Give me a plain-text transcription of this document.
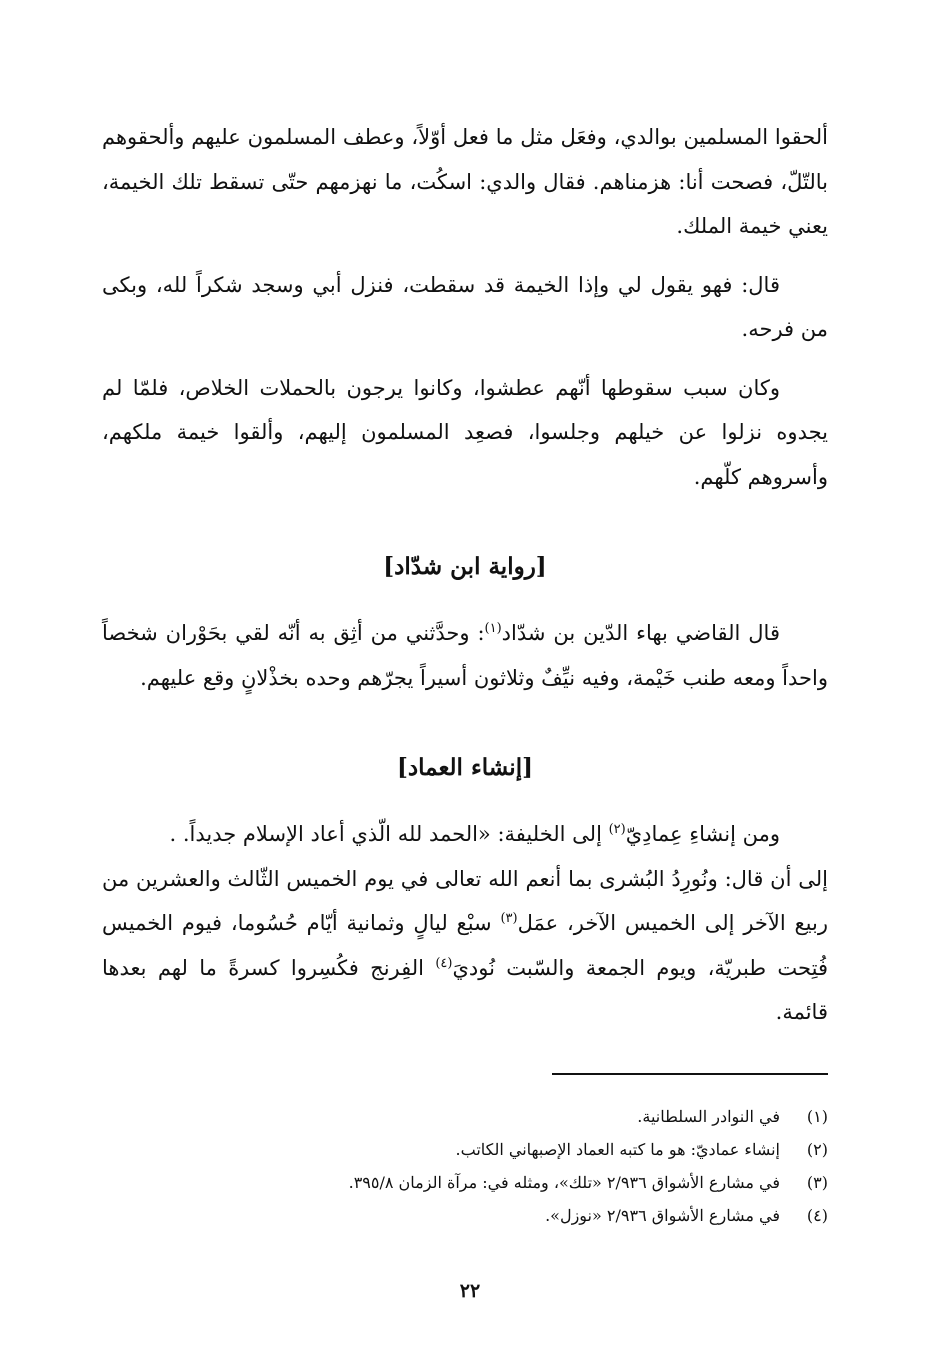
ألحقوا المسلمين بوالدي، وفعَل مثل ما فعل أوّلاً، وعطف المسلمون عليهم وألحقوهم بالتّلّ، فصحت أنا: هزمناهم. فقال والدي: اسكُت، ما نهزمهم حتّى تسقط تلك الخيمة، يعني خيمة الملك.

قال: فهو يقول لي وإذا الخيمة قد سقطت، فنزل أبي وسجد شكراً لله، وبكى من فرحه.

وكان سبب سقوطها أنّهم عطشوا، وكانوا يرجون بالحملات الخلاص، فلمّا لم يجدوه نزلوا عن خيلهم وجلسوا، فصعِد المسلمون إليهم، وألقوا خيمة ملكهم، وأسروهم كلّهم.

[رواية ابن شدّاد]

قال القاضي بهاء الدّين بن شدّاد$^{(١)}$: وحدَّثني من أثِق به أنّه لقي بحَوْران شخصاً واحداً ومعه طنب خَيْمة، وفيه نيِّفٌ وثلاثون أسيراً يجرّهم وحده بخذْلانٍ وقع عليهم.

[إنشاء العماد]

ومن إنشاءِ عِمادِيّ$^{(٢)}$ إلى الخليفة: «الحمد لله الّذي أعاد الإسلام جديداً. .

إلى أن قال: ونُورِدُ البُشرى بما أنعم الله تعالى في يوم الخميس الثّالث والعشرين من ربيع الآخر إلى الخميس الآخر، عمَل$^{(٣)}$ سبْع ليالٍ وثمانية أيّام حُسُوما، فيوم الخميس فُتِحت طبريّة، ويوم الجمعة والسّبت نُوديَ$^{(٤)}$ الفِرنج فكُسِروا كسرةً ما لهم بعدها قائمة.

(١)
في النوادر السلطانية.
(٢)
إنشاء عماديّ: هو ما كتبه العماد الإصبهاني الكاتب.
(٣)
في مشارع الأشواق ٢/٩٣٦ «تلك»، ومثله في: مرآة الزمان ٣٩٥/٨.
(٤)
في مشارع الأشواق ٢/٩٣٦ «نوزل».
٢٢
